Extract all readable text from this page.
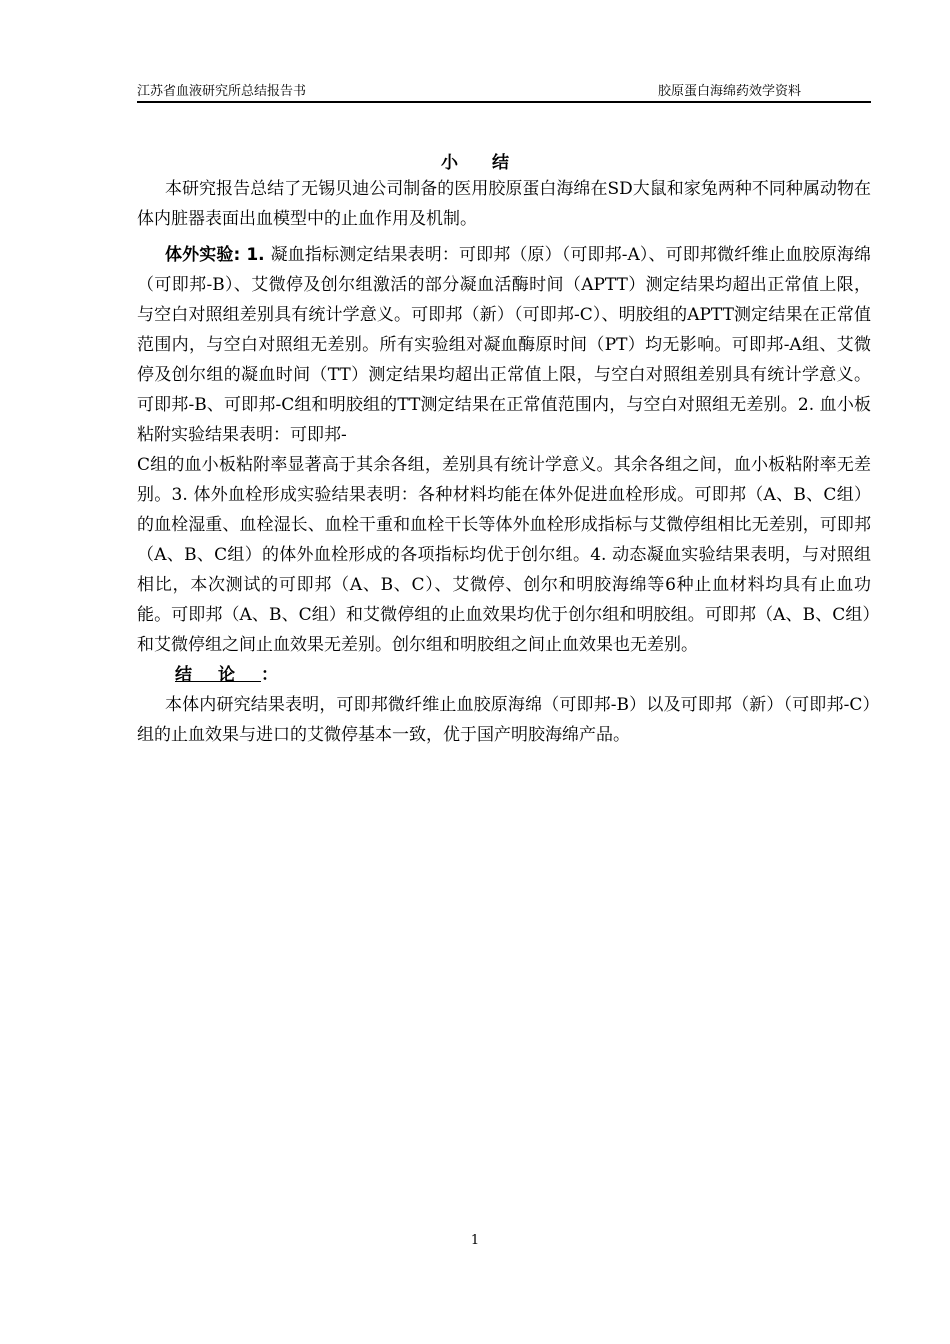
江苏省血液研究所总结报告书	胶原蛋白海绵药效学资料
小结

本研究报告总结了无锡贝迪公司制备的医用胶原蛋白海绵在SD大鼠和家兔两种不同种属动物在体内脏器表面出血模型中的止血作用及机制。

体外实验: 1. 凝血指标测定结果表明：可即邦（原）（可即邦-A）、可即邦微纤维止血胶原海绵（可即邦-B）、艾微停及创尔组激活的部分凝血活酶时间（APTT）测定结果均超出正常值上限，与空白对照组差别具有统计学意义。可即邦（新）（可即邦-C）、明胶组的APTT测定结果在正常值范围内，与空白对照组无差别。所有实验组对凝血酶原时间（PT）均无影响。可即邦-A组、艾微停及创尔组的凝血时间（TT）测定结果均超出正常值上限，与空白对照组差别具有统计学意义。可即邦-B、可即邦-C组和明胶组的TT测定结果在正常值范围内，与空白对照组无差别。2. 血小板粘附实验结果表明：可即邦-

C组的血小板粘附率显著高于其余各组，差别具有统计学意义。其余各组之间，血小板粘附率无差别。3. 体外血栓形成实验结果表明：各种材料均能在体外促进血栓形成。可即邦（A、B、C组）的血栓湿重、血栓湿长、血栓干重和血栓干长等体外血栓形成指标与艾微停组相比无差别，可即邦（A、B、C组）的体外血栓形成的各项指标均优于创尔组。4. 动态凝血实验结果表明，与对照组相比，本次测试的可即邦（A、B、C）、艾微停、创尔和明胶海绵等6种止血材料均具有止血功能。可即邦（A、B、C组）和艾微停组的止血效果均优于创尔组和明胶组。可即邦（A、B、C组）和艾微停组之间止血效果无差别。创尔组和明胶组之间止血效果也无差别。

结论：

本体内研究结果表明，可即邦微纤维止血胶原海绵（可即邦-B）以及可即邦（新）（可即邦-C）组的止血效果与进口的艾微停基本一致，优于国产明胶海绵产品。

1
